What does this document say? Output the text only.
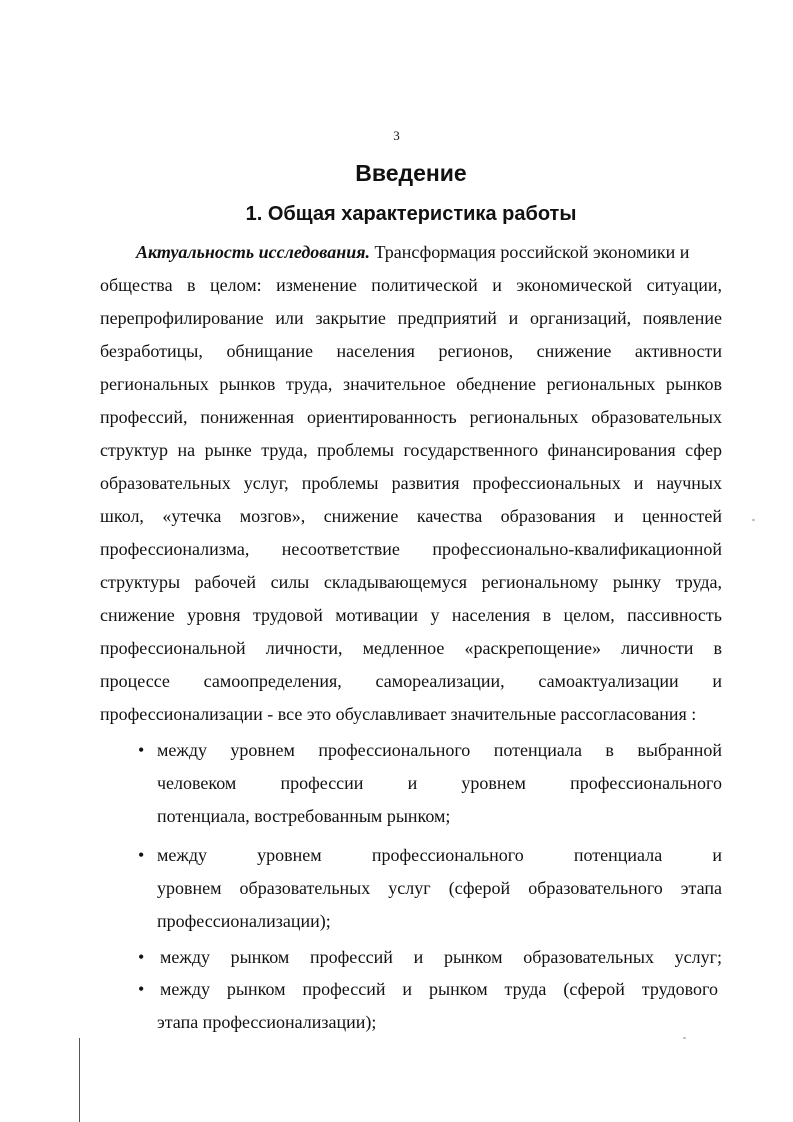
3
Введение
1. Общая характеристика работы
Актуальность исследования. Трансформация российской экономики и
общества в целом: изменение политической и экономической ситуации,
перепрофилирование или закрытие предприятий и организаций, появление
безработицы, обнищание населения регионов, снижение активности
региональных рынков труда, значительное обеднение региональных рынков
профессий, пониженная ориентированность региональных образовательных
структур на рынке труда, проблемы государственного финансирования сфер
образовательных услуг, проблемы развития профессиональных и научных
школ, «утечка мозгов», снижение качества образования и ценностей
профессионализма, несоответствие профессионально-квалификационной
структуры рабочей силы складывающемуся региональному рынку труда,
снижение уровня трудовой мотивации у населения в целом, пассивность
профессиональной личности, медленное «раскрепощение» личности в
процессе самоопределения, самореализации, самоактуализации и
профессионализации - все это обуславливает значительные рассогласования :
• между уровнем профессионального потенциала в выбранной
человеком профессии и уровнем профессионального
потенциала, востребованным рынком;
• между уровнем профессионального потенциала и
уровнем образовательных услуг (сферой образовательного этапа
профессионализации);
• между рынком профессий и рынком образовательных услуг;
• между рынком профессий и рынком труда (сферой трудового
этапа профессионализации);
